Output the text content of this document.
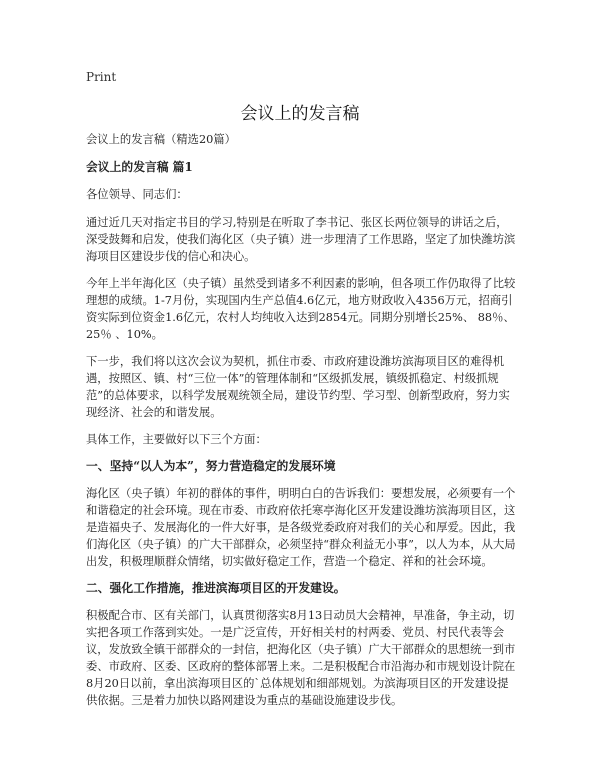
Print
会议上的发言稿

会议上的发言稿（精选20篇）

会议上的发言稿 篇1

各位领导、同志们：

通过近几天对指定书目的学习,特别是在听取了李书记、张区长两位领导的讲话之后，深受鼓舞和启发，使我们海化区（央子镇）进一步理清了工作思路，坚定了加快潍坊滨海项目区建设步伐的信心和决心。

今年上半年海化区（央子镇）虽然受到诸多不利因素的影响，但各项工作仍取得了比较理想的成绩。1-7月份，实现国内生产总值4.6亿元，地方财政收入4356万元，招商引资实际到位资金1.6亿元，农村人均纯收入达到2854元。同期分别增长25%、 88％、 25％ 、10%。

下一步，我们将以这次会议为契机，抓住市委、市政府建设潍坊滨海项目区的难得机遇，按照区、镇、村“三位一体”的管理体制和“区级抓发展，镇级抓稳定、村级抓规范”的总体要求，以科学发展观统领全局，建设节约型、学习型、创新型政府，努力实现经济、社会的和谐发展。

具体工作，主要做好以下三个方面：

一、坚持“以人为本”，努力营造稳定的发展环境

海化区（央子镇）年初的群体的事件，明明白白的告诉我们：要想发展，必须要有一个和谐稳定的社会环境。现在市委、市政府依托寒亭海化区开发建设潍坊滨海项目区，这是造福央子、发展海化的一件大好事，是各级党委政府对我们的关心和厚爱。因此，我们海化区（央子镇）的广大干部群众，必须坚持“群众利益无小事”，以人为本，从大局出发，积极理顺群众情绪，切实做好稳定工作，营造一个稳定、祥和的社会环境。

二、强化工作措施，推进滨海项目区的开发建设。

积极配合市、区有关部门，认真贯彻落实8月13日动员大会精神，早准备，争主动，切实把各项工作落到实处。一是广泛宣传，开好相关村的村两委、党员、村民代表等会议，发放致全镇干部群众的一封信，把海化区（央子镇）广大干部群众的思想统一到市委、市政府、区委、区政府的整体部署上来。二是积极配合市沿海办和市规划设计院在8月20日以前，拿出滨海项目区的`总体规划和细部规划。为滨海项目区的开发建设提供依据。三是着力加快以路网建设为重点的基础设施建设步伐。
